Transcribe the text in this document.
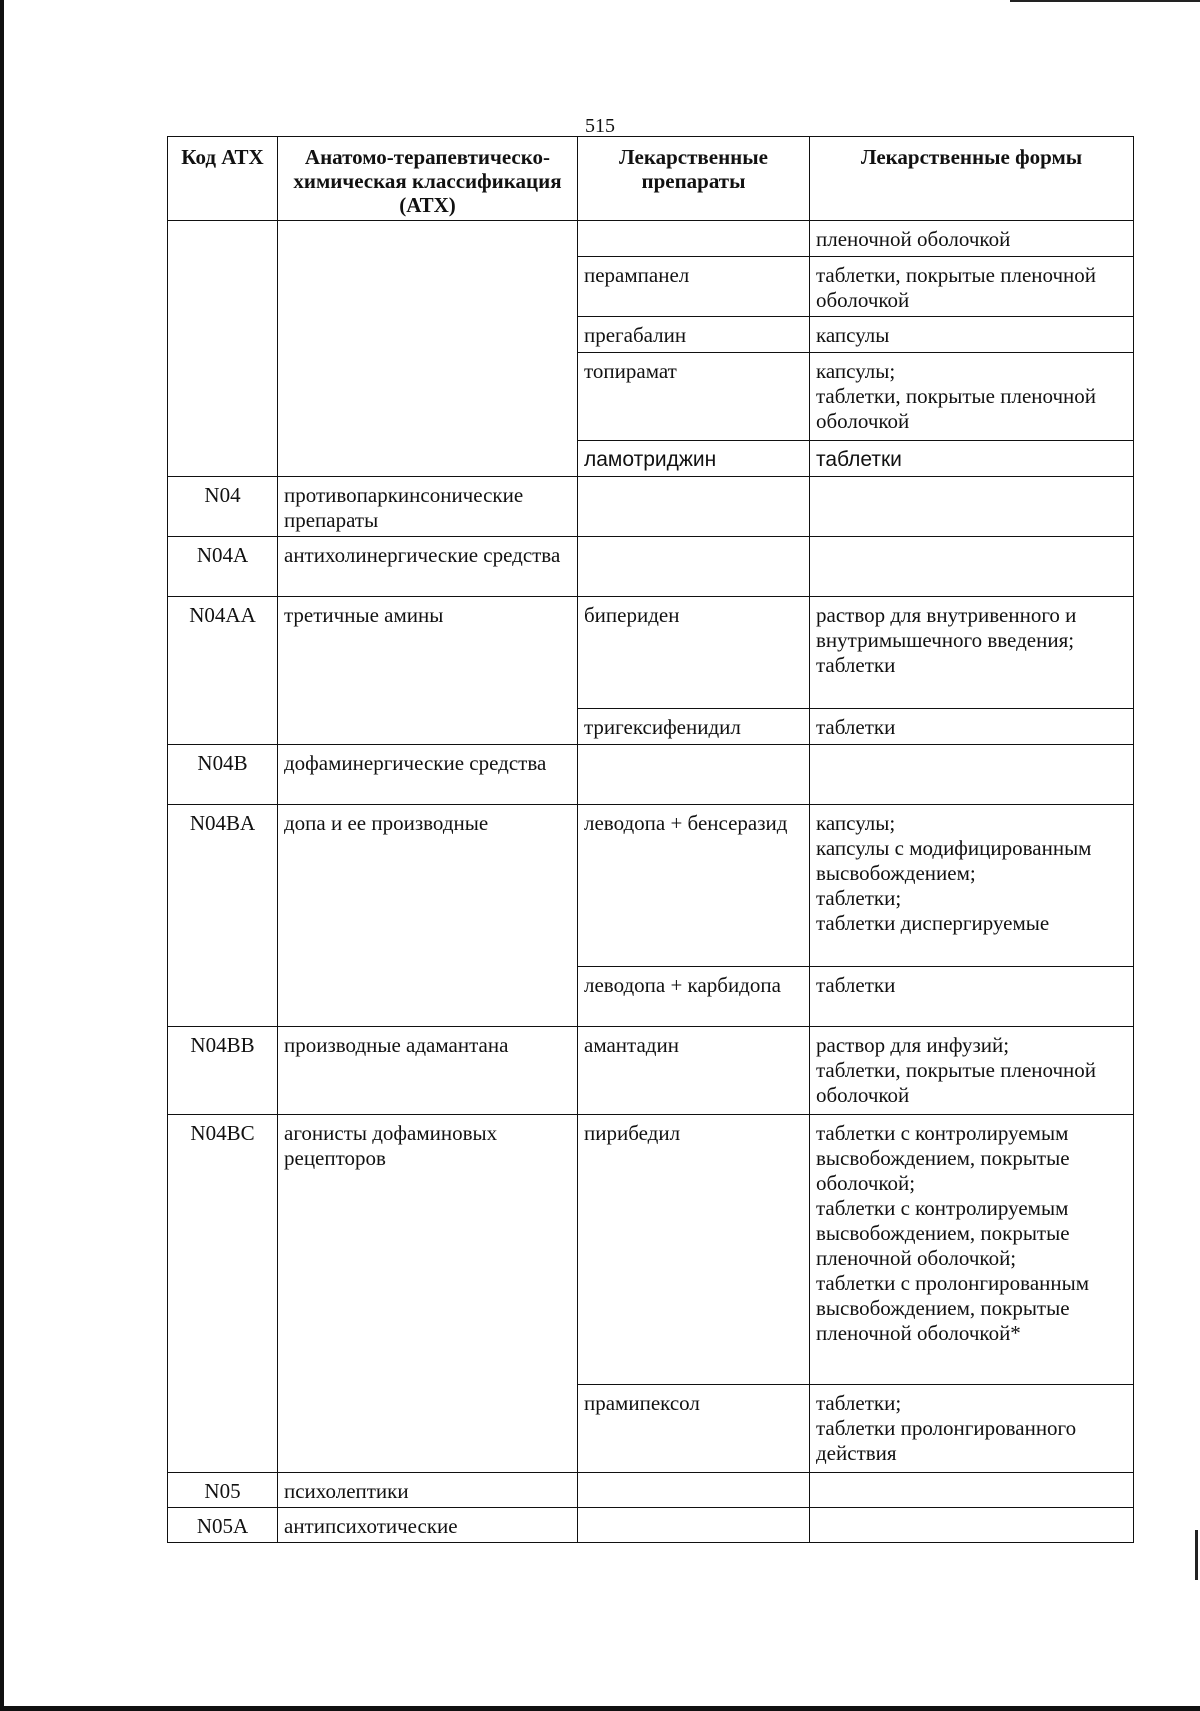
515
Код АТХ	Анатомо-терапевтическо-химическая классификация (АТХ)	Лекарственные препараты	Лекарственные формы
			пленочной оболочкой
		перампанел	таблетки, покрытые пленочной оболочкой
		прегабалин	капсулы
		топирамат	капсулы;
таблетки, покрытые пленочной оболочкой
		ламотриджин	таблетки
N04	противопаркинсонические препараты		
N04A	антихолинергические средства		
N04AA	третичные амины	бипериден	раствор для внутривенного и внутримышечного введения;
таблетки
		тригексифенидил	таблетки
N04B	дофаминергические средства		
N04BA	допа и ее производные	леводопа + бенсеразид	капсулы;
капсулы с модифицированным высвобождением;
таблетки;
таблетки диспергируемые
		леводопа + карбидопа	таблетки
N04BB	производные адамантана	амантадин	раствор для инфузий;
таблетки, покрытые пленочной оболочкой
N04BC	агонисты дофаминовых рецепторов	пирибедил	таблетки с контролируемым высвобождением, покрытые оболочкой;
таблетки с контролируемым высвобождением, покрытые пленочной оболочкой;
таблетки с пролонгированным высвобождением, покрытые пленочной оболочкой*
		прамипексол	таблетки;
таблетки пролонгированного действия
N05	психолептики		
N05A	антипсихотические		
